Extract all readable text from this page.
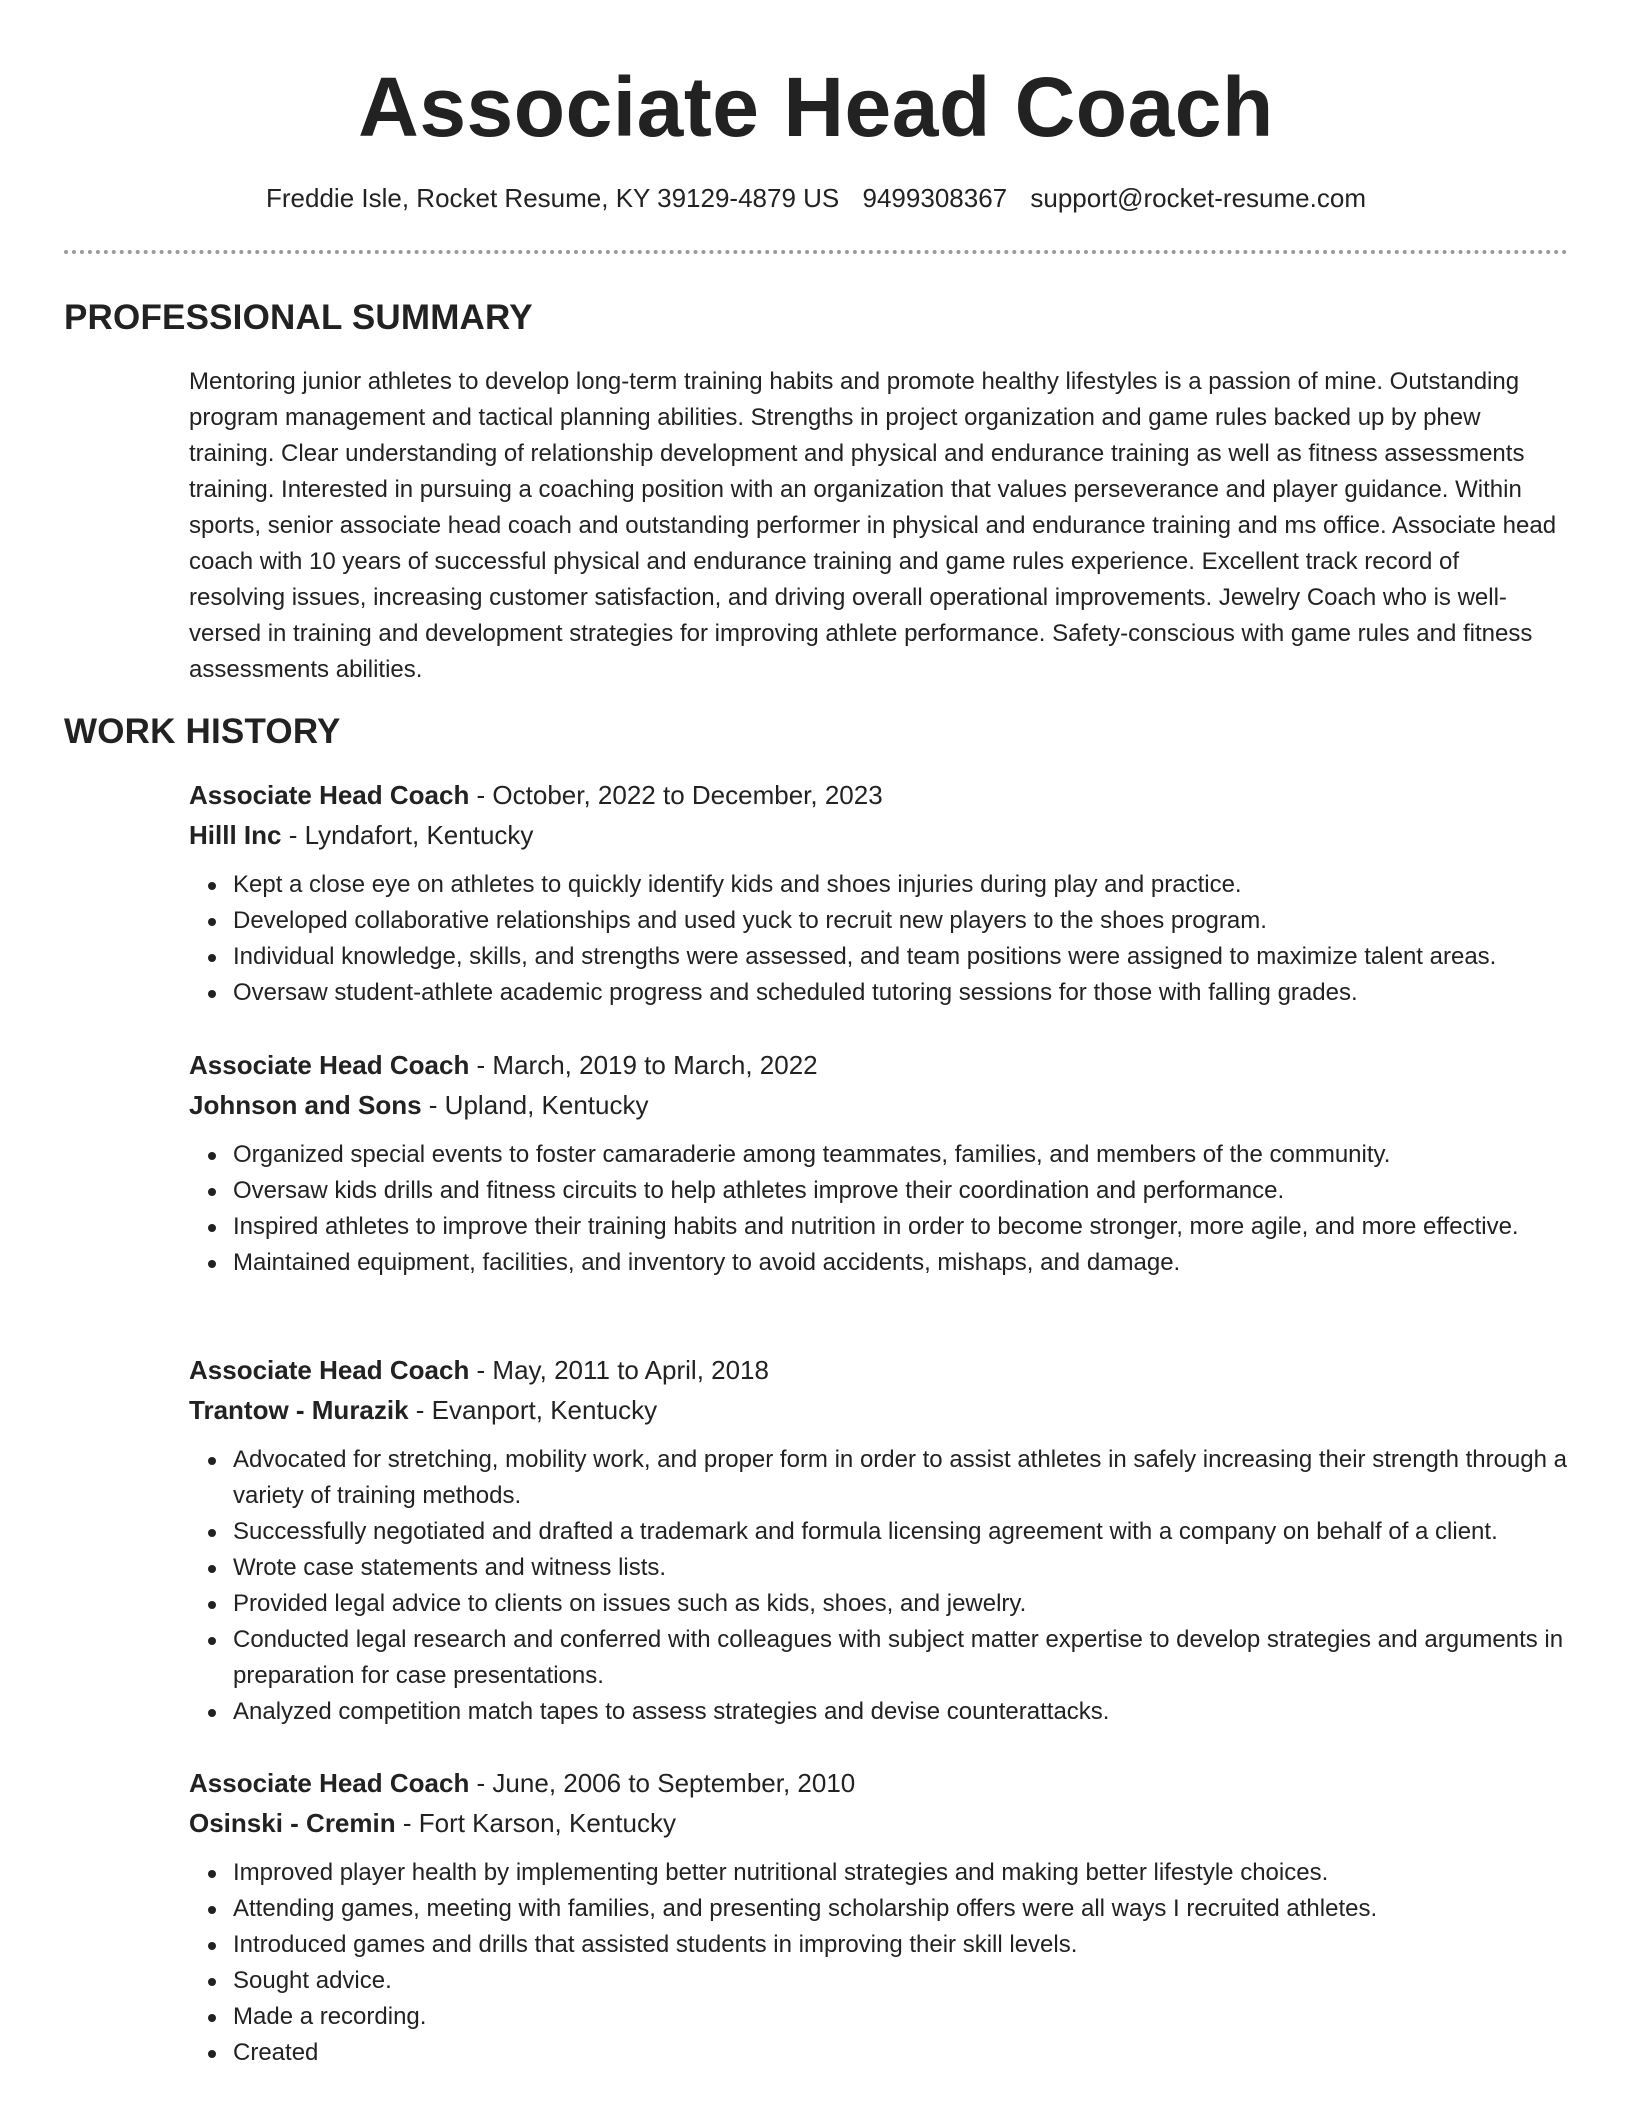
Associate Head Coach
Freddie Isle, Rocket Resume, KY 39129-4879 US 9499308367 support@rocket-resume.com
PROFESSIONAL SUMMARY

Mentoring junior athletes to develop long-term training habits and promote healthy lifestyles is a passion of mine. Outstanding program management and tactical planning abilities. Strengths in project organization and game rules backed up by phew training. Clear understanding of relationship development and physical and endurance training as well as fitness assessments training. Interested in pursuing a coaching position with an organization that values perseverance and player guidance. Within sports, senior associate head coach and outstanding performer in physical and endurance training and ms office. Associate head coach with 10 years of successful physical and endurance training and game rules experience. Excellent track record of resolving issues, increasing customer satisfaction, and driving overall operational improvements. Jewelry Coach who is well-versed in training and development strategies for improving athlete performance. Safety-conscious with game rules and fitness assessments abilities.

WORK HISTORY

Associate Head Coach - October, 2022 to December, 2023

Hilll Inc - Lyndafort, Kentucky

Kept a close eye on athletes to quickly identify kids and shoes injuries during play and practice.
Developed collaborative relationships and used yuck to recruit new players to the shoes program.
Individual knowledge, skills, and strengths were assessed, and team positions were assigned to maximize talent areas.
Oversaw student-athlete academic progress and scheduled tutoring sessions for those with falling grades.

Associate Head Coach - March, 2019 to March, 2022

Johnson and Sons - Upland, Kentucky

Organized special events to foster camaraderie among teammates, families, and members of the community.
Oversaw kids drills and fitness circuits to help athletes improve their coordination and performance.
Inspired athletes to improve their training habits and nutrition in order to become stronger, more agile, and more effective.
Maintained equipment, facilities, and inventory to avoid accidents, mishaps, and damage.

Associate Head Coach - May, 2011 to April, 2018

Trantow - Murazik - Evanport, Kentucky

Advocated for stretching, mobility work, and proper form in order to assist athletes in safely increasing their strength through a variety of training methods.
Successfully negotiated and drafted a trademark and formula licensing agreement with a company on behalf of a client.
Wrote case statements and witness lists.
Provided legal advice to clients on issues such as kids, shoes, and jewelry.
Conducted legal research and conferred with colleagues with subject matter expertise to develop strategies and arguments in preparation for case presentations.
Analyzed competition match tapes to assess strategies and devise counterattacks.

Associate Head Coach - June, 2006 to September, 2010

Osinski - Cremin - Fort Karson, Kentucky

Improved player health by implementing better nutritional strategies and making better lifestyle choices.
Attending games, meeting with families, and presenting scholarship offers were all ways I recruited athletes.
Introduced games and drills that assisted students in improving their skill levels.
Sought advice.
Made a recording.
Created
